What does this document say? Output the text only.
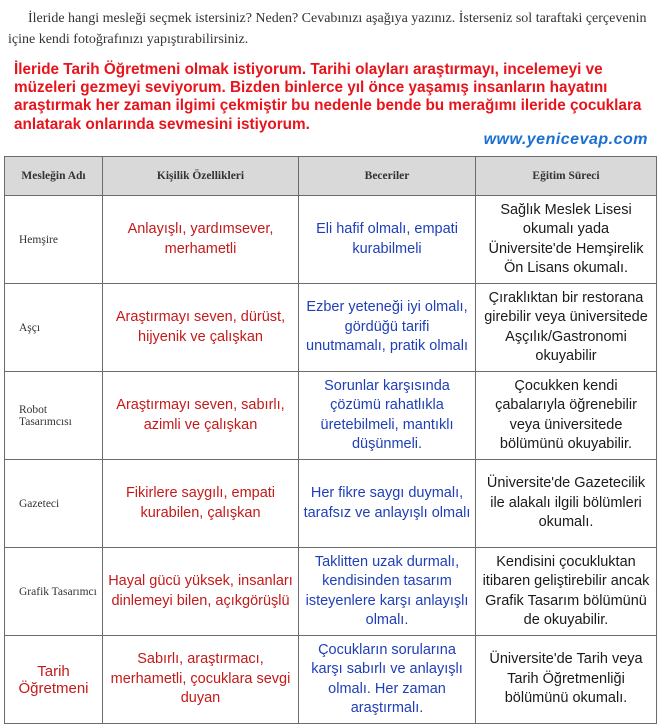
İleride hangi mesleği seçmek istersiniz? Neden? Cevabınızı aşağıya yazınız. İsterseniz sol taraftaki çerçevenin içine kendi fotoğrafınızı yapıştırabilirsiniz.
İleride Tarih Öğretmeni olmak istiyorum. Tarihi olayları araştırmayı, incelemeyi ve müzeleri gezmeyi seviyorum. Bizden binlerce yıl önce yaşamış insanların hayatını araştırmak her zaman ilgimi çekmiştir bu nedenle bende bu merağımı ileride çocuklara anlatarak onlarında sevmesini istiyorum.
www.yenicevap.com
Mesleğin Adı	Kişilik Özellikleri	Beceriler	Eğitim Süreci
Hemşire	Anlayışlı, yardımsever, merhametli	Eli hafif olmalı, empati kurabilmeli	Sağlık Meslek Lisesi okumalı yada Üniversite'de Hemşirelik Ön Lisans okumalı.
Aşçı	Araştırmayı seven, dürüst, hijyenik ve çalışkan	Ezber yeteneği iyi olmalı, gördüğü tarifi unutmamalı, pratik olmalı	Çıraklıktan bir restorana girebilir veya üniversitede Aşçılık/Gastronomi okuyabilir
Robot Tasarımcısı	Araştırmayı seven, sabırlı, azimli ve çalışkan	Sorunlar karşısında çözümü rahatlıkla üretebilmeli, mantıklı düşünmeli.	Çocukken kendi çabalarıyla öğrenebilir veya üniversitede bölümünü okuyabilir.
Gazeteci	Fikirlere saygılı, empati kurabilen, çalışkan	Her fikre saygı duymalı, tarafsız ve anlayışlı olmalı	Üniversite'de Gazetecilik ile alakalı ilgili bölümleri okumalı.
Grafik Tasarımcı	Hayal gücü yüksek, insanları dinlemeyi bilen, açıkgörüşlü	Taklitten uzak durmalı, kendisinden tasarım isteyenlere karşı anlayışlı olmalı.	Kendisini çocukluktan itibaren geliştirebilir ancak Grafik Tasarım bölümünü de okuyabilir.
Tarih Öğretmeni	Sabırlı, araştırmacı, merhametli, çocuklara sevgi duyan	Çocukların sorularına karşı sabırlı ve anlayışlı olmalı. Her zaman araştırmalı.	Üniversite'de Tarih veya Tarih Öğretmenliği bölümünü okumalı.
